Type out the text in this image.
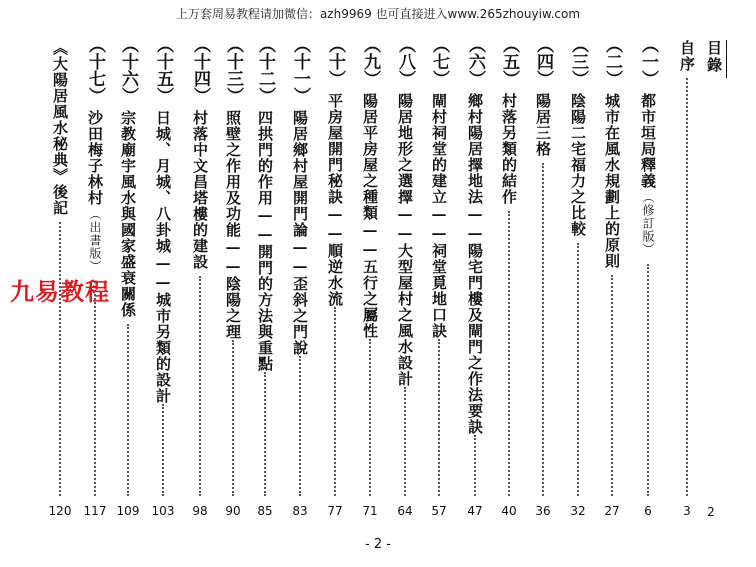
上万套周易教程请加微信：azh9969 也可直接进入www.265zhouyiw.com
目錄
2
自序
3
（一）
都市垣局釋義
（修訂版）
6
（二）
城市在風水規劃上的原則
27
（三）
陰陽二宅福力之比較
32
（四）
陽居三格
36
（五）
村落另類的結作
40
（六）
鄉村陽居擇地法——陽宅門樓及閘門之作法要訣
47
（七）
閘村祠堂的建立——祠堂覓地口訣
57
（八）
陽居地形之選擇——大型屋村之風水設計
64
（九）
陽居平房屋之種類——五行之屬性
71
（十）
平房屋開門秘訣——順逆水流
77
（十一）
陽居鄉村屋開門論——歪斜之門說
83
（十二）
四拱門的作用——開門的方法與重點
85
（十三）
照壁之作用及功能——陰陽之理
90
（十四）
村落中文昌塔樓的建設
98
（十五）
日城、月城、八卦城——城市另類的設計
103
（十六）
宗教廟宇風水與國家盛衰關係
109
（十七）
沙田梅子林村
（出書版）
117
《大陽居風水秘典》後記
120
九易教程
- 2 -
